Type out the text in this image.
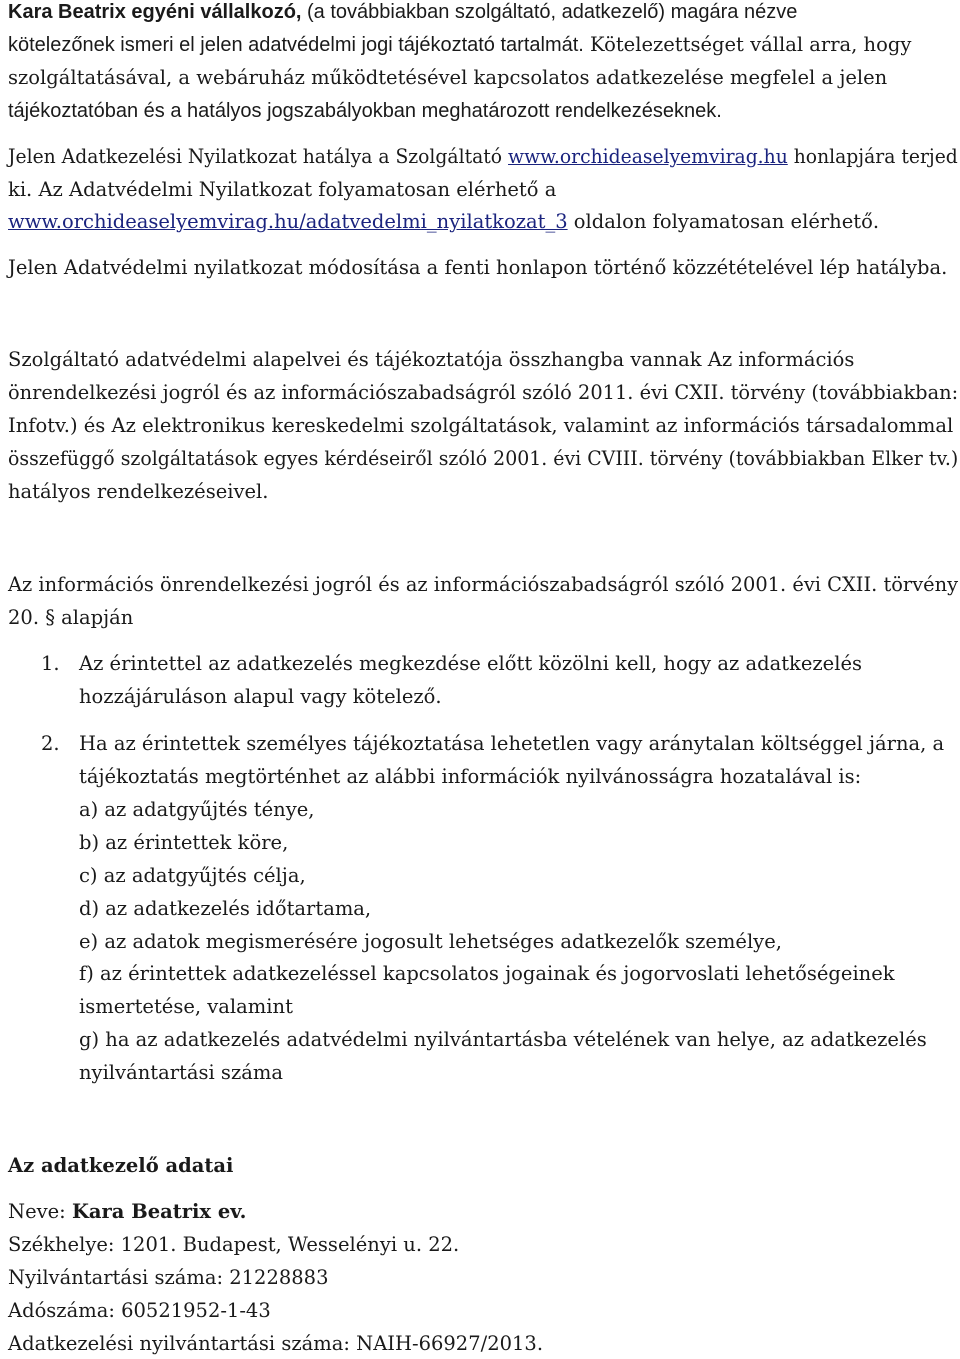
Kara Beatrix egyéni vállalkozó, (a továbbiakban szolgáltató, adatkezelő) magára nézve
kötelezőnek ismeri el jelen adatvédelmi jogi tájékoztató tartalmát. Kötelezettséget vállal arra, hogy
szolgáltatásával, a webáruház működtetésével kapcsolatos adatkezelése megfelel a jelen
tájékoztatóban és a hatályos jogszabályokban meghatározott rendelkezéseknek.
Jelen Adatkezelési Nyilatkozat hatálya a Szolgáltató www.orchideaselyemvirag.hu honlapjára terjed
ki. Az Adatvédelmi Nyilatkozat folyamatosan elérhető a
www.orchideaselyemvirag.hu/adatvedelmi_nyilatkozat_3 oldalon folyamatosan elérhető.
Jelen Adatvédelmi nyilatkozat módosítása a fenti honlapon történő közzétételével lép hatályba.
Szolgáltató adatvédelmi alapelvei és tájékoztatója összhangba vannak Az információs
önrendelkezési jogról és az információszabadságról szóló 2011. évi CXII. törvény (továbbiakban:
Infotv.) és Az elektronikus kereskedelmi szolgáltatások, valamint az információs társadalommal
összefüggő szolgáltatások egyes kérdéseiről szóló 2001. évi CVIII. törvény (továbbiakban Elker tv.)
hatályos rendelkezéseivel.
Az információs önrendelkezési jogról és az információszabadságról szóló 2001. évi CXII. törvény
20. § alapján
1. Az érintettel az adatkezelés megkezdése előtt közölni kell, hogy az adatkezelés
hozzájáruláson alapul vagy kötelező.
2. Ha az érintettek személyes tájékoztatása lehetetlen vagy aránytalan költséggel járna, a
tájékoztatás megtörténhet az alábbi információk nyilvánosságra hozatalával is:
a) az adatgyűjtés ténye,
b) az érintettek köre,
c) az adatgyűjtés célja,
d) az adatkezelés időtartama,
e) az adatok megismerésére jogosult lehetséges adatkezelők személye,
f) az érintettek adatkezeléssel kapcsolatos jogainak és jogorvoslati lehetőségeinek
ismertetése, valamint
g) ha az adatkezelés adatvédelmi nyilvántartásba vételének van helye, az adatkezelés
nyilvántartási száma
Az adatkezelő adatai
Neve: Kara Beatrix ev.
Székhelye: 1201. Budapest, Wesselényi u. 22.
Nyilvántartási száma: 21228883
Adószáma: 60521952-1-43
Adatkezelési nyilvántartási száma: NAIH-66927/2013.
